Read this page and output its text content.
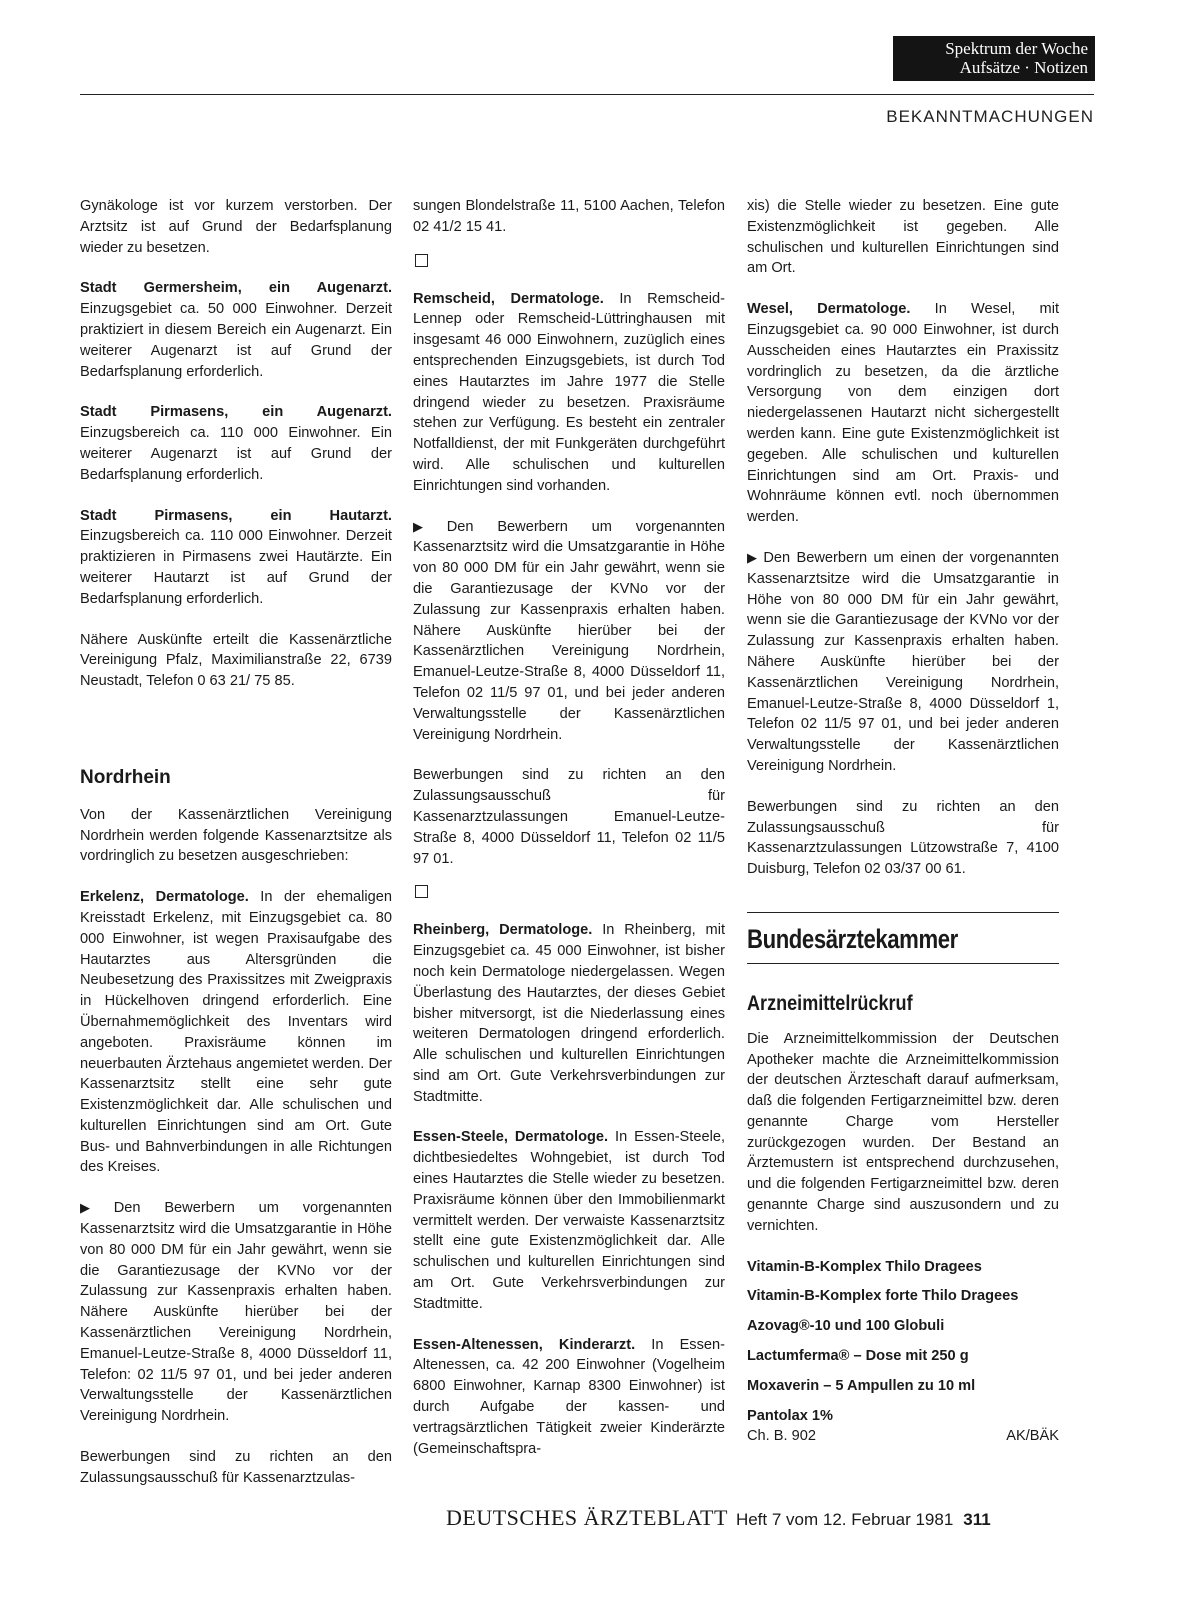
Spektrum der Woche
Aufsätze · Notizen
BEKANNTMACHUNGEN

Gynäkologe ist vor kurzem verstorben. Der Arztsitz ist auf Grund der Bedarfsplanung wieder zu besetzen.

Stadt Germersheim, ein Augenarzt. Einzugsgebiet ca. 50 000 Einwohner. Derzeit praktiziert in diesem Bereich ein Augenarzt. Ein weiterer Augenarzt ist auf Grund der Bedarfsplanung erforderlich.

Stadt Pirmasens, ein Augenarzt. Einzugsbereich ca. 110 000 Einwohner. Ein weiterer Augenarzt ist auf Grund der Bedarfsplanung erforderlich.

Stadt Pirmasens, ein Hautarzt. Einzugsbereich ca. 110 000 Einwohner. Derzeit praktizieren in Pirmasens zwei Hautärzte. Ein weiterer Hautarzt ist auf Grund der Bedarfsplanung erforderlich.

Nähere Auskünfte erteilt die Kassenärztliche Vereinigung Pfalz, Maximilianstraße 22, 6739 Neustadt, Telefon 0 63 21/ 75 85.

Nordrhein

Von der Kassenärztlichen Vereinigung Nordrhein werden folgende Kassenarztsitze als vordringlich zu besetzen ausgeschrieben:

Erkelenz, Dermatologe. In der ehemaligen Kreisstadt Erkelenz, mit Einzugsgebiet ca. 80 000 Einwohner, ist wegen Praxisaufgabe des Hautarztes aus Altersgründen die Neubesetzung des Praxissitzes mit Zweigpraxis in Hückelhoven dringend erforderlich. Eine Übernahmemöglichkeit des Inventars wird angeboten. Praxisräume können im neuerbauten Ärztehaus angemietet werden. Der Kassenarztsitz stellt eine sehr gute Existenzmöglichkeit dar. Alle schulischen und kulturellen Einrichtungen sind am Ort. Gute Bus- und Bahnverbindungen in alle Richtungen des Kreises.

▶ Den Bewerbern um vorgenannten Kassenarztsitz wird die Umsatzgarantie in Höhe von 80 000 DM für ein Jahr gewährt, wenn sie die Garantiezusage der KVNo vor der Zulassung zur Kassenpraxis erhalten haben. Nähere Auskünfte hierüber bei der Kassenärztlichen Vereinigung Nordrhein, Emanuel-Leutze-Straße 8, 4000 Düsseldorf 11, Telefon: 02 11/5 97 01, und bei jeder anderen Verwaltungsstelle der Kassenärztlichen Vereinigung Nordrhein.

Bewerbungen sind zu richten an den Zulassungsausschuß für Kassenarztzulas-

sungen Blondelstraße 11, 5100 Aachen, Telefon 02 41/2 15 41.

Remscheid, Dermatologe. In Remscheid-Lennep oder Remscheid-Lüttringhausen mit insgesamt 46 000 Einwohnern, zuzüglich eines entsprechenden Einzugsgebiets, ist durch Tod eines Hautarztes im Jahre 1977 die Stelle dringend wieder zu besetzen. Praxisräume stehen zur Verfügung. Es besteht ein zentraler Notfalldienst, der mit Funkgeräten durchgeführt wird. Alle schulischen und kulturellen Einrichtungen sind vorhanden.

▶ Den Bewerbern um vorgenannten Kassenarztsitz wird die Umsatzgarantie in Höhe von 80 000 DM für ein Jahr gewährt, wenn sie die Garantiezusage der KVNo vor der Zulassung zur Kassenpraxis erhalten haben. Nähere Auskünfte hierüber bei der Kassenärztlichen Vereinigung Nordrhein, Emanuel-Leutze-Straße 8, 4000 Düsseldorf 11, Telefon 02 11/5 97 01, und bei jeder anderen Verwaltungsstelle der Kassenärztlichen Vereinigung Nordrhein.

Bewerbungen sind zu richten an den Zulassungsausschuß für Kassenarztzulassungen Emanuel-Leutze-Straße 8, 4000 Düsseldorf 11, Telefon 02 11/5 97 01.

Rheinberg, Dermatologe. In Rheinberg, mit Einzugsgebiet ca. 45 000 Einwohner, ist bisher noch kein Dermatologe niedergelassen. Wegen Überlastung des Hautarztes, der dieses Gebiet bisher mitversorgt, ist die Niederlassung eines weiteren Dermatologen dringend erforderlich. Alle schulischen und kulturellen Einrichtungen sind am Ort. Gute Verkehrsverbindungen zur Stadtmitte.

Essen-Steele, Dermatologe. In Essen-Steele, dichtbesiedeltes Wohngebiet, ist durch Tod eines Hautarztes die Stelle wieder zu besetzen. Praxisräume können über den Immobilienmarkt vermittelt werden. Der verwaiste Kassenarztsitz stellt eine gute Existenzmöglichkeit dar. Alle schulischen und kulturellen Einrichtungen sind am Ort. Gute Verkehrsverbindungen zur Stadtmitte.

Essen-Altenessen, Kinderarzt. In Essen-Altenessen, ca. 42 200 Einwohner (Vogelheim 6800 Einwohner, Karnap 8300 Einwohner) ist durch Aufgabe der kassen- und vertragsärztlichen Tätigkeit zweier Kinderärzte (Gemeinschaftspra-

xis) die Stelle wieder zu besetzen. Eine gute Existenzmöglichkeit ist gegeben. Alle schulischen und kulturellen Einrichtungen sind am Ort.

Wesel, Dermatologe. In Wesel, mit Einzugsgebiet ca. 90 000 Einwohner, ist durch Ausscheiden eines Hautarztes ein Praxissitz vordringlich zu besetzen, da die ärztliche Versorgung von dem einzigen dort niedergelassenen Hautarzt nicht sichergestellt werden kann. Eine gute Existenzmöglichkeit ist gegeben. Alle schulischen und kulturellen Einrichtungen sind am Ort. Praxis- und Wohnräume können evtl. noch übernommen werden.

▶ Den Bewerbern um einen der vorgenannten Kassenarztsitze wird die Umsatzgarantie in Höhe von 80 000 DM für ein Jahr gewährt, wenn sie die Garantiezusage der KVNo vor der Zulassung zur Kassenpraxis erhalten haben. Nähere Auskünfte hierüber bei der Kassenärztlichen Vereinigung Nordrhein, Emanuel-Leutze-Straße 8, 4000 Düsseldorf 1, Telefon 02 11/5 97 01, und bei jeder anderen Verwaltungsstelle der Kassenärztlichen Vereinigung Nordrhein.

Bewerbungen sind zu richten an den Zulassungsausschuß für Kassenarztzulassungen Lützowstraße 7, 4100 Duisburg, Telefon 02 03/37 00 61.

Bundesärztekammer
Arzneimittelrückruf

Die Arzneimittelkommission der Deutschen Apotheker machte die Arzneimittelkommission der deutschen Ärzteschaft darauf aufmerksam, daß die folgenden Fertigarzneimittel bzw. deren genannte Charge vom Hersteller zurückgezogen wurden. Der Bestand an Ärztemustern ist entsprechend durchzusehen, und die folgenden Fertigarzneimittel bzw. deren genannte Charge sind auszusondern und zu vernichten.

Vitamin-B-Komplex Thilo Dragees

Vitamin-B-Komplex forte Thilo Dragees

Azovag®-10 und 100 Globuli

Lactumferma® – Dose mit 250 g

Moxaverin – 5 Ampullen zu 10 ml

Pantolax 1%

Ch. B. 902	AK/BÄK
DEUTSCHES ÄRZTEBLATT Heft 7 vom 12. Februar 1981 311
